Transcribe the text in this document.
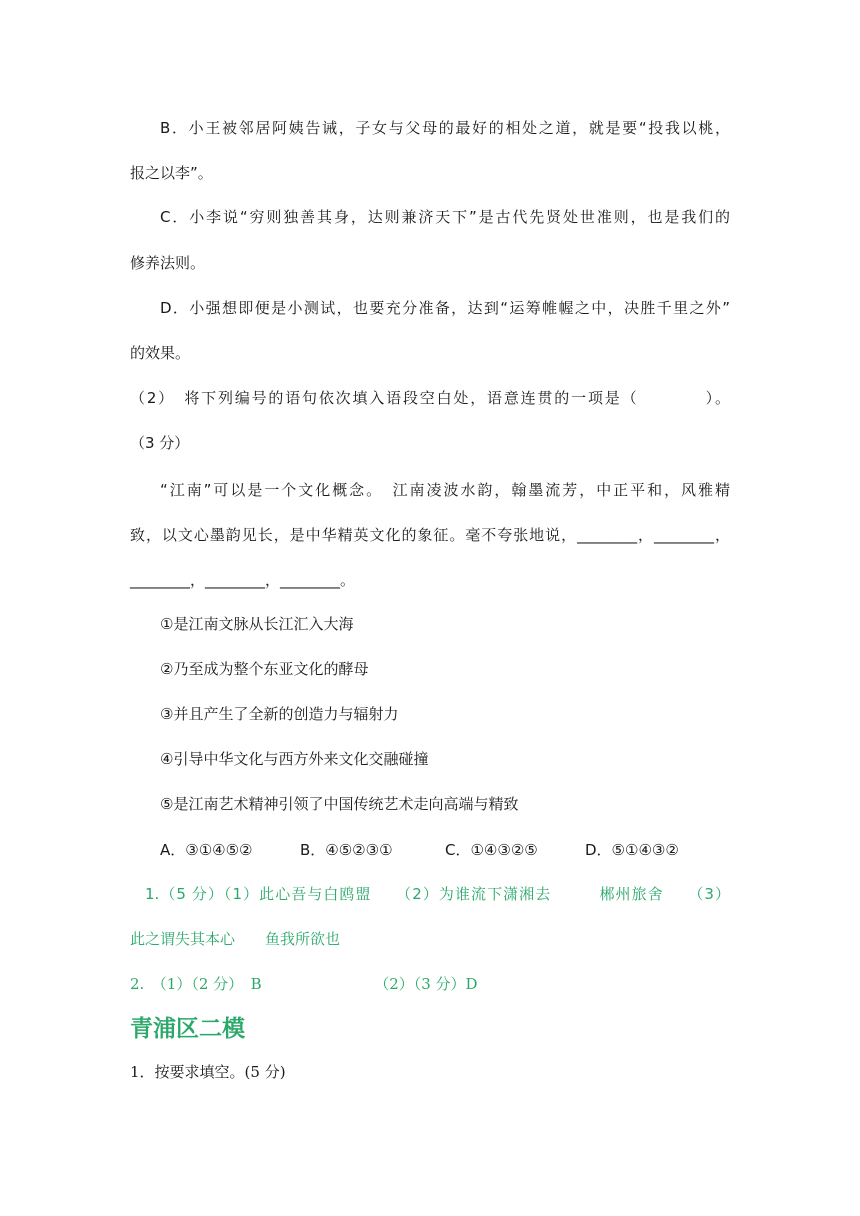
B．小王被邻居阿姨告诫，子女与父母的最好的相处之道，就是要“投我以桃，
报之以李”。
C．小李说“穷则独善其身，达则兼济天下”是古代先贤处世准则，也是我们的
修养法则。
D．小强想即便是小测试，也要充分准备，达到“运筹帷幄之中，决胜千里之外”
的效果。
（2）　将下列编号的语句依次填入语段空白处，语意连贯的一项是（　　　　）。
（3 分）
“江南”可以是一个文化概念。　江南凌波水韵，翰墨流芳，中正平和，风雅精
致，以文心墨韵见长，是中华精英文化的象征。毫不夸张地说，________，________，
________，________，________。
①是江南文脉从长江汇入大海
②乃至成为整个东亚文化的酵母
③并且产生了全新的创造力与辐射力
④引导中华文化与西方外来文化交融碰撞
⑤是江南艺术精神引领了中国传统艺术走向高端与精致
A．③①④⑤②	B．④⑤②③①	C．①④③②⑤	D．⑤①④③②
1.（5 分）（1）此心吾与白鸥盟　　（2）为谁流下潇湘去　　　郴州旅舍　　（3）
此之谓失其本心　　鱼我所欲也
2.　（1）（2 分）　B　　　　　　　　（2）（3 分）D
青浦区二模
1．按要求填空。(5 分)
